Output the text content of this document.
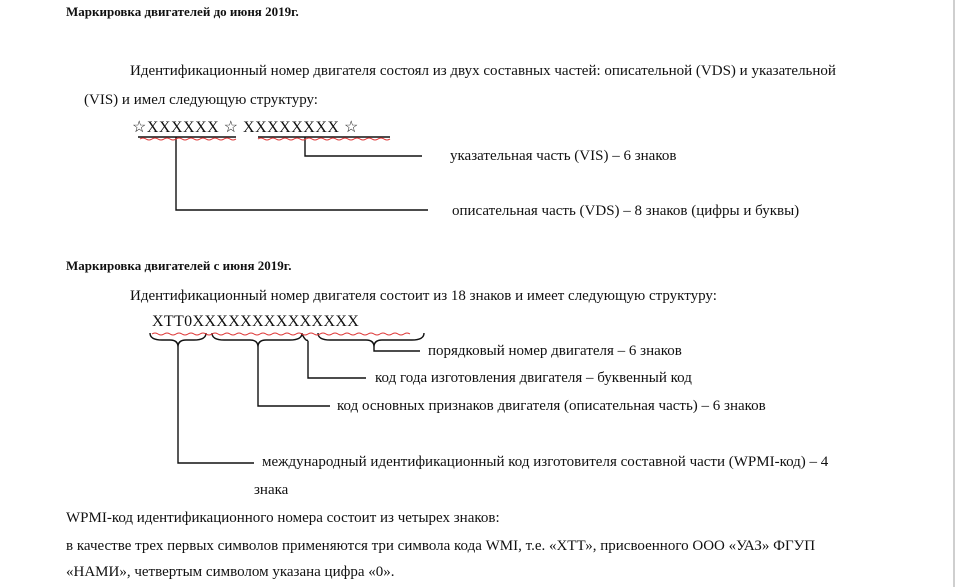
Маркировка двигателей до июня 2019г.
Идентификационный номер двигателя состоял из двух составных частей: описательной (VDS) и указательной
(VIS) и имел следующую структуру:
☆ХХХХХХ ☆ ХХХХХХХХ ☆
указательная часть (VIS) – 6 знаков
описательная часть (VDS) – 8 знаков (цифры и буквы)
Маркировка двигателей с июня 2019г.
Идентификационный номер двигателя состоит из 18 знаков и имеет следующую структуру:
ХТТ0ХХХХХХХХХХХХХХ
порядковый номер двигателя – 6 знаков
код года изготовления двигателя – буквенный код
код основных признаков двигателя (описательная часть) – 6 знаков
международный идентификационный код изготовителя составной части (WPMI-код) – 4
знака
WPMI-код идентификационного номера состоит из четырех знаков:
в качестве трех первых символов применяются три символа кода WMI, т.е. «ХТТ», присвоенного ООО «УАЗ» ФГУП
«НАМИ», четвертым символом указана цифра «0».
